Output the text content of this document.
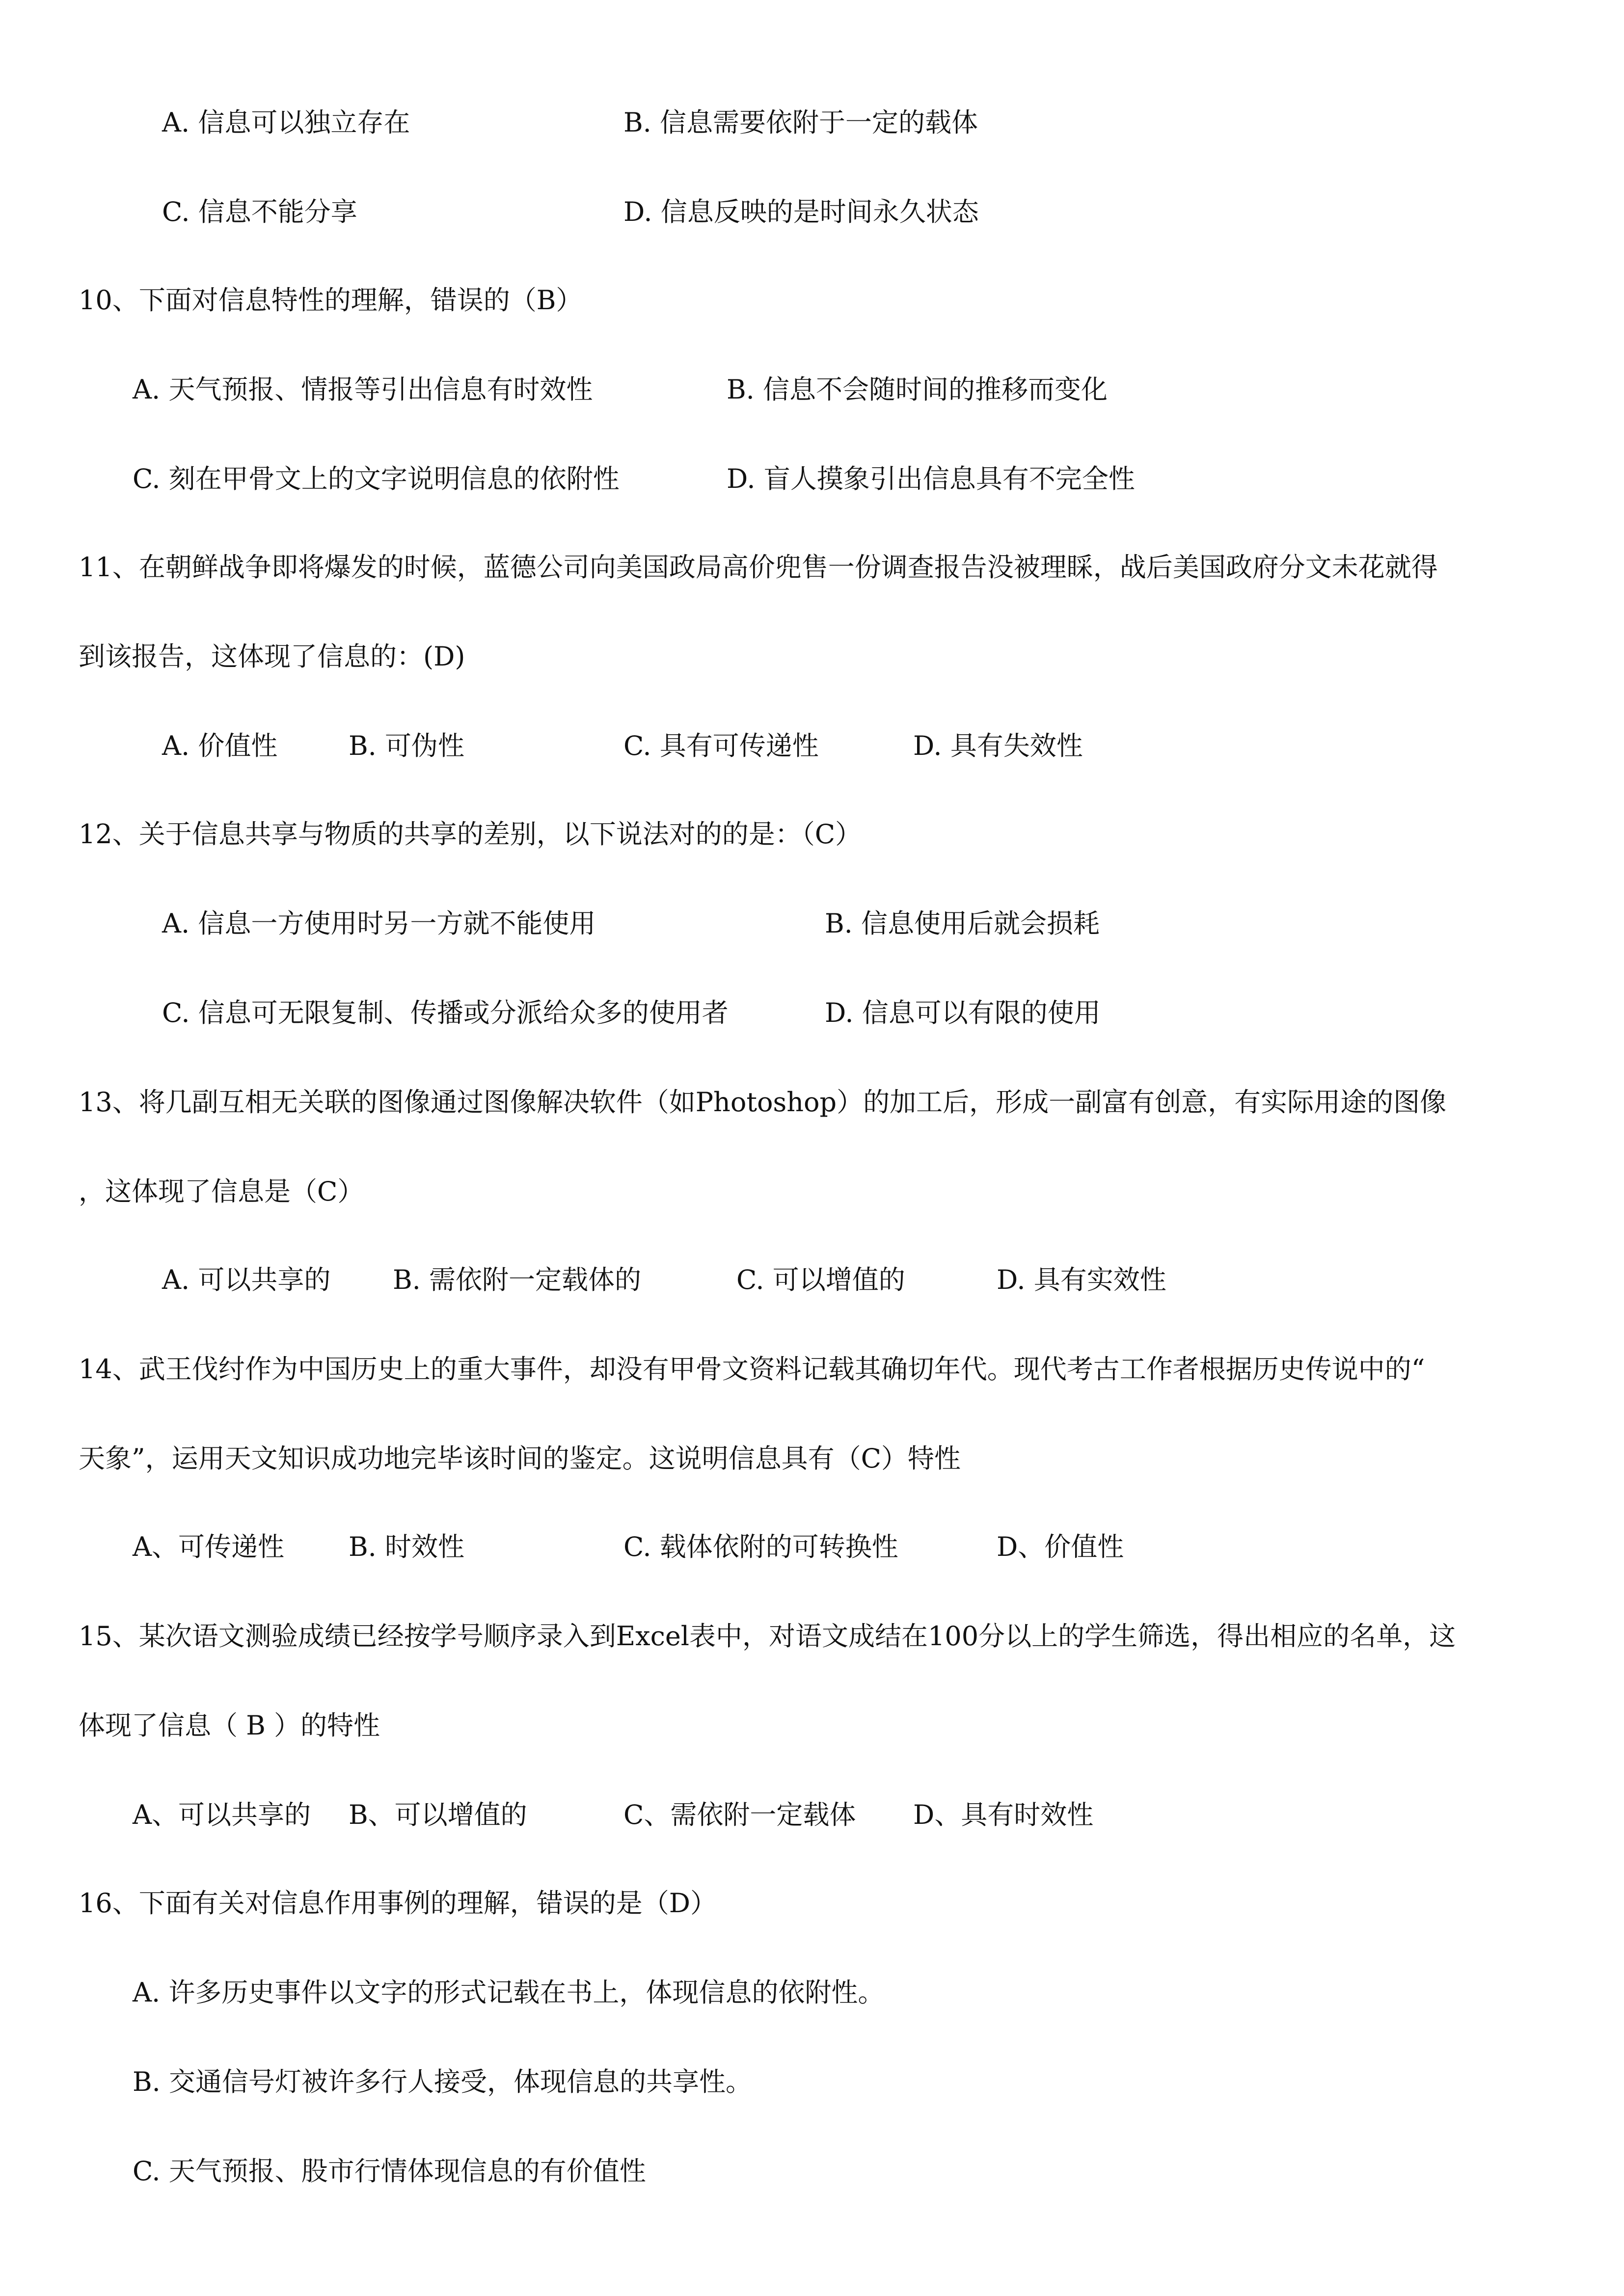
A. 信息可以独立存在	B. 信息需要依附于一定的载体
C. 信息不能分享	D. 信息反映的是时间永久状态
10、下面对信息特性的理解，错误的（B）
A. 天气预报、情报等引出信息有时效性	B. 信息不会随时间的推移而变化
C. 刻在甲骨文上的文字说明信息的依附性	D. 盲人摸象引出信息具有不完全性
11、在朝鲜战争即将爆发的时候，蓝德公司向美国政局高价兜售一份调查报告没被理睬，战后美国政府分文未花就得
到该报告，这体现了信息的：(D)
A. 价值性	B. 可伪性	C. 具有可传递性	D. 具有失效性
12、关于信息共享与物质的共享的差别，以下说法对的的是：（C）
A. 信息一方使用时另一方就不能使用	B. 信息使用后就会损耗
C. 信息可无限复制、传播或分派给众多的使用者	D. 信息可以有限的使用
13、将几副互相无关联的图像通过图像解决软件（如Photoshop）的加工后，形成一副富有创意，有实际用途的图像
，这体现了信息是（C）
A. 可以共享的 B. 需依附一定载体的	C. 可以增值的	D. 具有实效性
14、武王伐纣作为中国历史上的重大事件，却没有甲骨文资料记载其确切年代。现代考古工作者根据历史传说中的“
天象”，运用天文知识成功地完毕该时间的鉴定。这说明信息具有（C）特性
A、可传递性 B. 时效性	C. 载体依附的可转换性	D、价值性
15、某次语文测验成绩已经按学号顺序录入到Excel表中，对语文成结在100分以上的学生筛选，得出相应的名单，这
体现了信息（ B ）的特性
A、可以共享的 B、可以增值的	C、需依附一定载体 D、具有时效性
16、下面有关对信息作用事例的理解，错误的是（D）
A. 许多历史事件以文字的形式记载在书上，体现信息的依附性。
B. 交通信号灯被许多行人接受，体现信息的共享性。
C. 天气预报、股市行情体现信息的有价值性
